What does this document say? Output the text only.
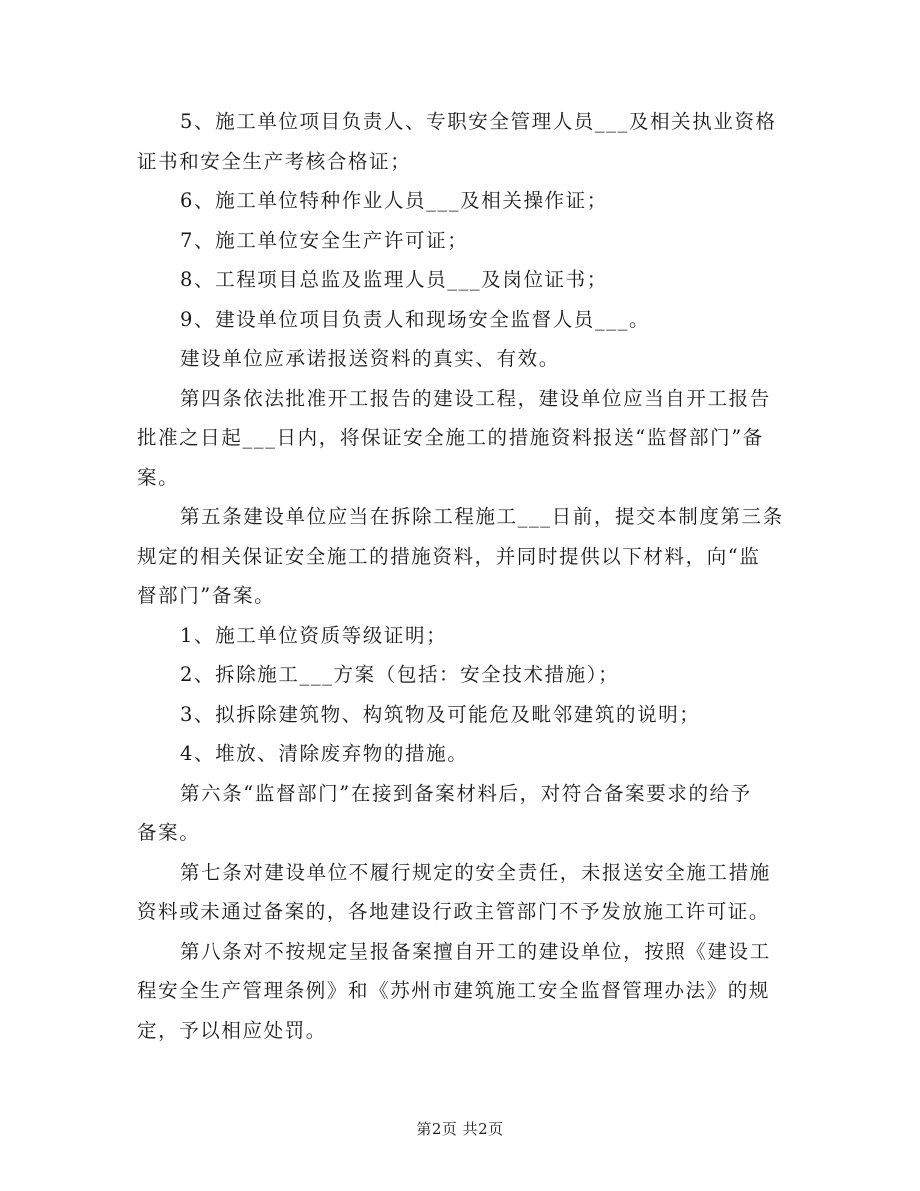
5、施工单位项目负责人、专职安全管理人员___及相关执业资格
证书和安全生产考核合格证；
6、施工单位特种作业人员___及相关操作证；
7、施工单位安全生产许可证；
8、工程项目总监及监理人员___及岗位证书；
9、建设单位项目负责人和现场安全监督人员___。
建设单位应承诺报送资料的真实、有效。
第四条依法批准开工报告的建设工程，建设单位应当自开工报告
批准之日起___日内，将保证安全施工的措施资料报送“监督部门”备
案。
第五条建设单位应当在拆除工程施工___日前，提交本制度第三条
规定的相关保证安全施工的措施资料，并同时提供以下材料，向“监
督部门”备案。
1、施工单位资质等级证明；
2、拆除施工___方案（包括：安全技术措施）；
3、拟拆除建筑物、构筑物及可能危及毗邻建筑的说明；
4、堆放、清除废弃物的措施。
第六条“监督部门”在接到备案材料后，对符合备案要求的给予
备案。
第七条对建设单位不履行规定的安全责任，未报送安全施工措施
资料或未通过备案的，各地建设行政主管部门不予发放施工许可证。
第八条对不按规定呈报备案擅自开工的建设单位，按照《建设工
程安全生产管理条例》和《苏州市建筑施工安全监督管理办法》的规
定，予以相应处罚。
第2页 共2页
